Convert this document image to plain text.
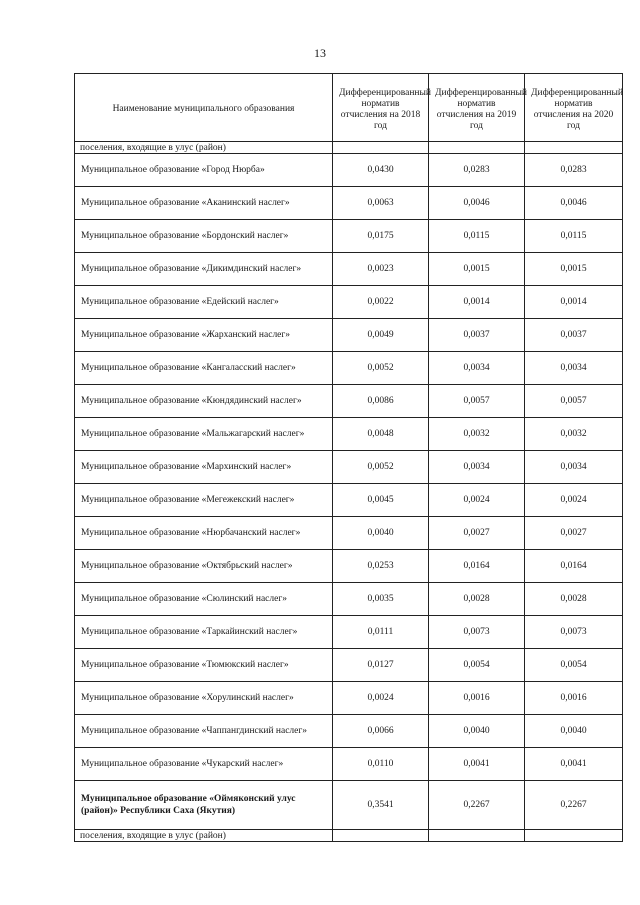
13
Наименование муниципального образования	Дифференцированный норматив отчисления на 2018 год	Дифференцированный норматив отчисления на 2019 год	Дифференцированный норматив отчисления на 2020 год
поселения, входящие в улус (район)			
Муниципальное образование «Город Нюрба»	0,0430	0,0283	0,0283
Муниципальное образование «Аканинский наслег»	0,0063	0,0046	0,0046
Муниципальное образование «Бордонский наслег»	0,0175	0,0115	0,0115
Муниципальное образование «Дикимдинский наслег»	0,0023	0,0015	0,0015
Муниципальное образование «Едейский наслег»	0,0022	0,0014	0,0014
Муниципальное образование «Жарханский наслег»	0,0049	0,0037	0,0037
Муниципальное образование «Кангаласский наслег»	0,0052	0,0034	0,0034
Муниципальное образование «Кюндядинский наслег»	0,0086	0,0057	0,0057
Муниципальное образование «Мальжагарский наслег»	0,0048	0,0032	0,0032
Муниципальное образование «Мархинский наслег»	0,0052	0,0034	0,0034
Муниципальное образование «Мегежекский наслег»	0,0045	0,0024	0,0024
Муниципальное образование «Нюрбачанский наслег»	0,0040	0,0027	0,0027
Муниципальное образование «Октябрьский наслег»	0,0253	0,0164	0,0164
Муниципальное образование «Сюлинский наслег»	0,0035	0,0028	0,0028
Муниципальное образование «Таркайинский наслег»	0,0111	0,0073	0,0073
Муниципальное образование «Тюмюкский наслег»	0,0127	0,0054	0,0054
Муниципальное образование «Хорулинский наслег»	0,0024	0,0016	0,0016
Муниципальное образование «Чаппангдинский наслег»	0,0066	0,0040	0,0040
Муниципальное образование «Чукарский наслег»	0,0110	0,0041	0,0041
Муниципальное образование «Оймяконский улус (район)» Республики Саха (Якутия)	0,3541	0,2267	0,2267
поселения, входящие в улус (район)			
